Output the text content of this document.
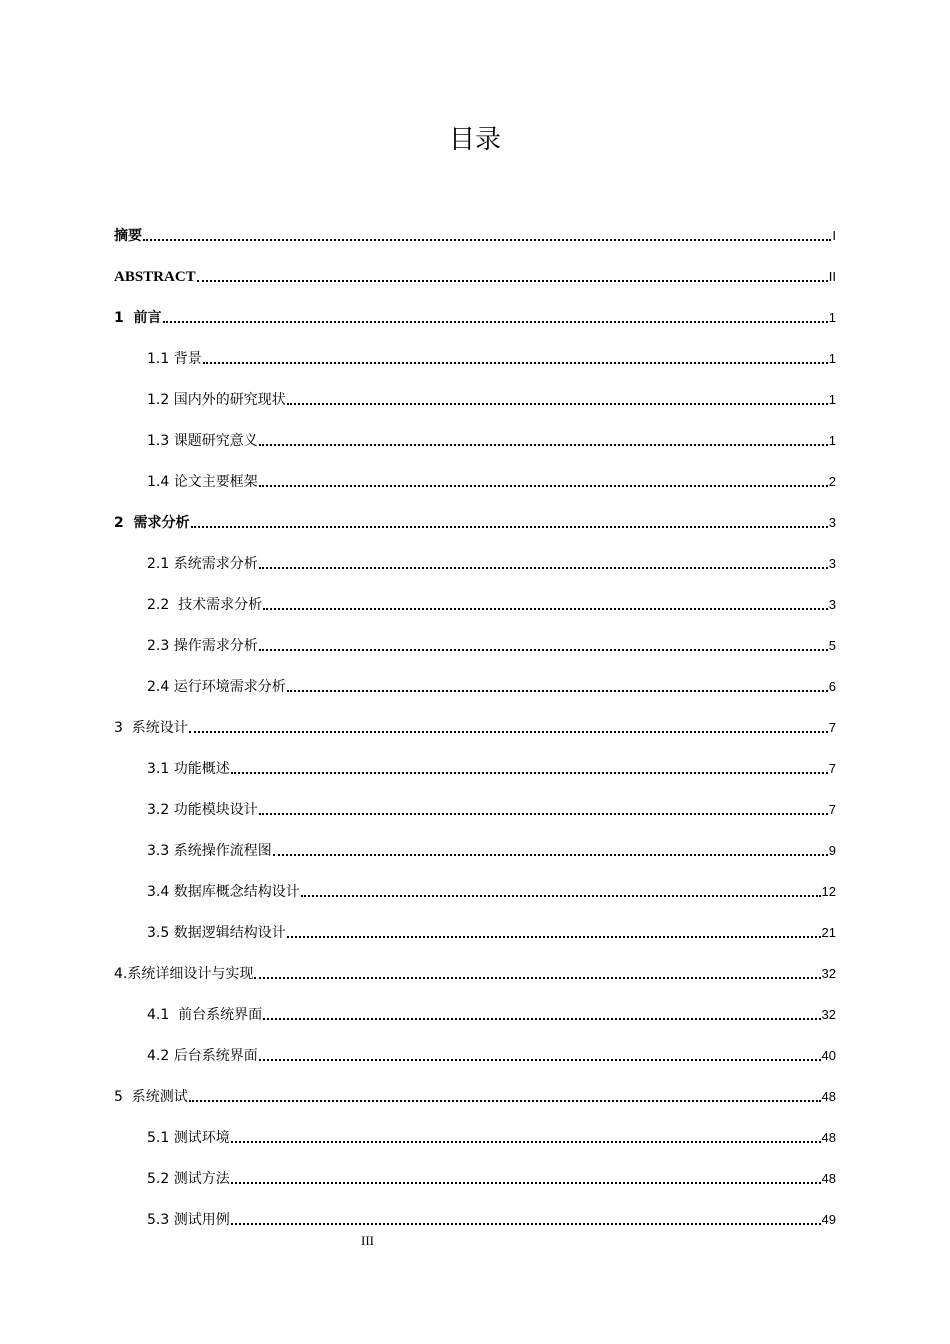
目录
摘要	I
ABSTRACT	II
1  前言	1
1.1 背景	1
1.2 国内外的研究现状	1
1.3 课题研究意义	1
1.4 论文主要框架	2
2  需求分析	3
2.1 系统需求分析	3
2.2  技术需求分析	3
2.3 操作需求分析	5
2.4 运行环境需求分析	6
3  系统设计	7
3.1 功能概述	7
3.2 功能模块设计	7
3.3 系统操作流程图	9
3.4 数据库概念结构设计	12
3.5 数据逻辑结构设计	21
4.系统详细设计与实现	32
4.1  前台系统界面	32
4.2 后台系统界面	40
5  系统测试	48
5.1 测试环境	48
5.2 测试方法	48
5.3 测试用例	49
III
